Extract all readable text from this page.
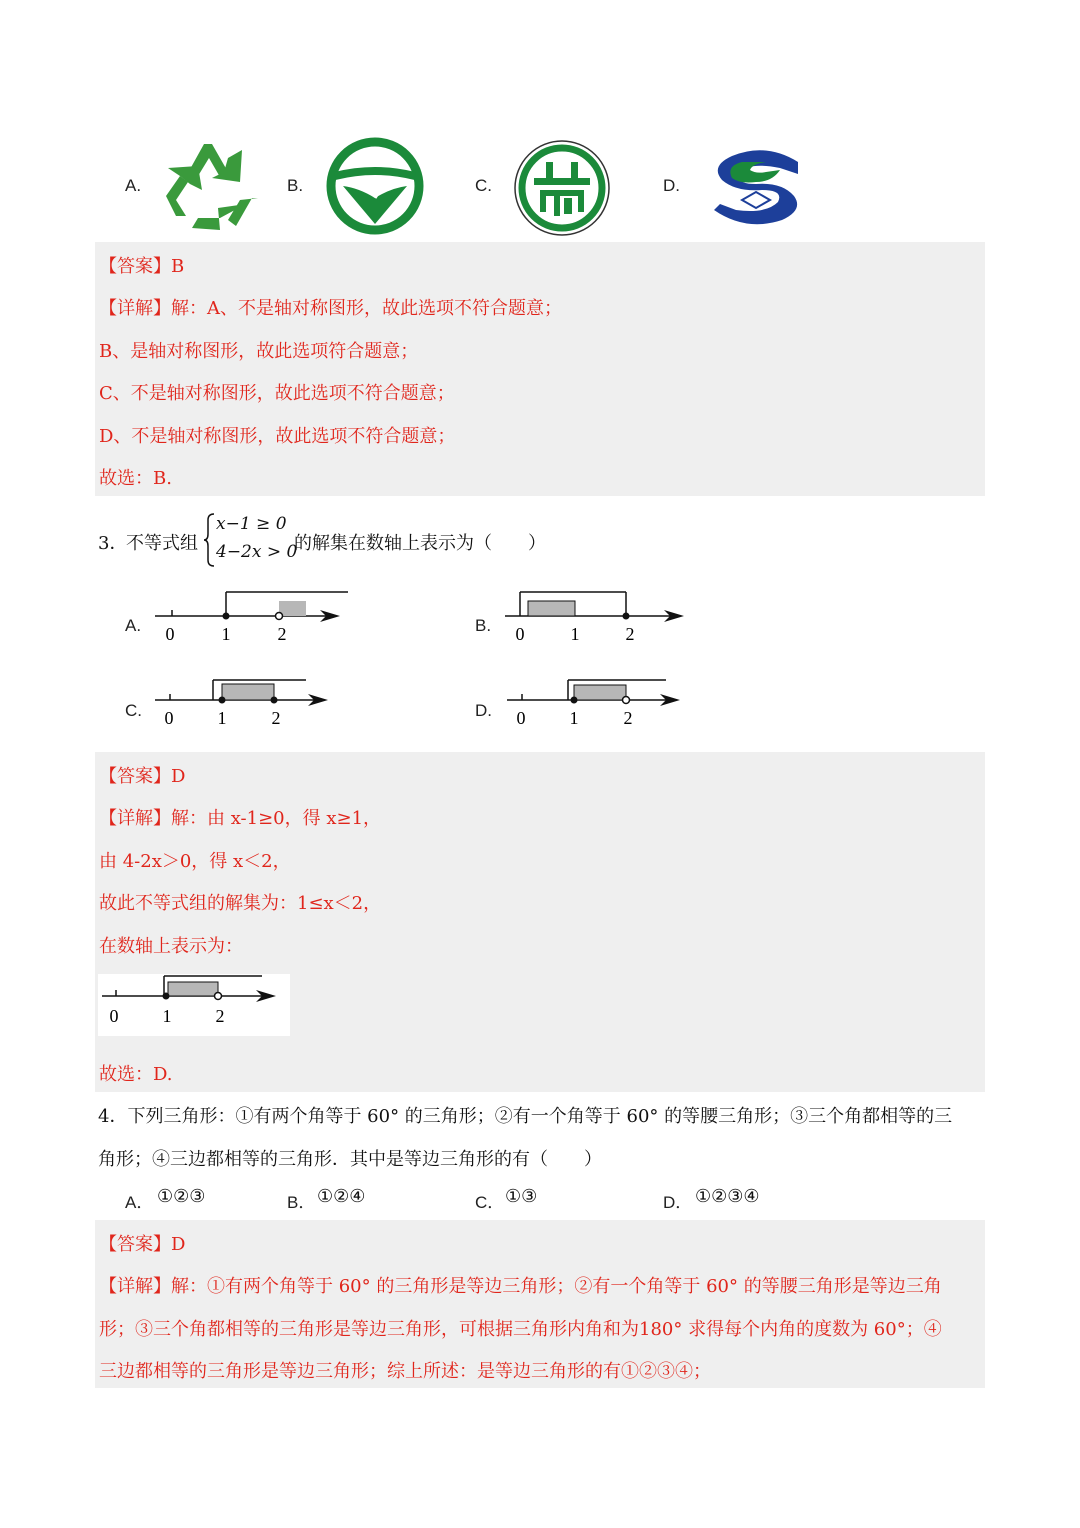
A.	B.	C.	D.
【答案】B
【详解】解：A、不是轴对称图形，故此选项不符合题意；
B、是轴对称图形，故此选项符合题意；
C、不是轴对称图形，故此选项不符合题意；
D、不是轴对称图形，故此选项不符合题意；
故选：B.
3．
不等式组
x−1 ≥ 0
4−2x > 0
的解集在数轴上表示为（　　）
A. 0	1	2	B. 0	1	2
C. 0 1	2	D. 0 1	2
【答案】D
【详解】解：由 x-1≥0，得 x≥1，
由 4-2x＞0，得 x＜2，
故此不等式组的解集为：1≤x＜2，
在数轴上表示为：
0 1 2
故选：D.
4．下列三角形：①有两个角等于 60° 的三角形；②有一个角等于 60° 的等腰三角形；③三个角都相等的三
角形；④三边都相等的三角形．其中是等边三角形的有（　　）
A． ①②③	B． ①②④	C． ①③	D． ①②③④
【答案】D
【详解】解：①有两个角等于 60° 的三角形是等边三角形；②有一个角等于 60° 的等腰三角形是等边三角
形；③三个角都相等的三角形是等边三角形，可根据三角形内角和为180° 求得每个内角的度数为 60°；④
三边都相等的三角形是等边三角形；综上所述：是等边三角形的有①②③④；
